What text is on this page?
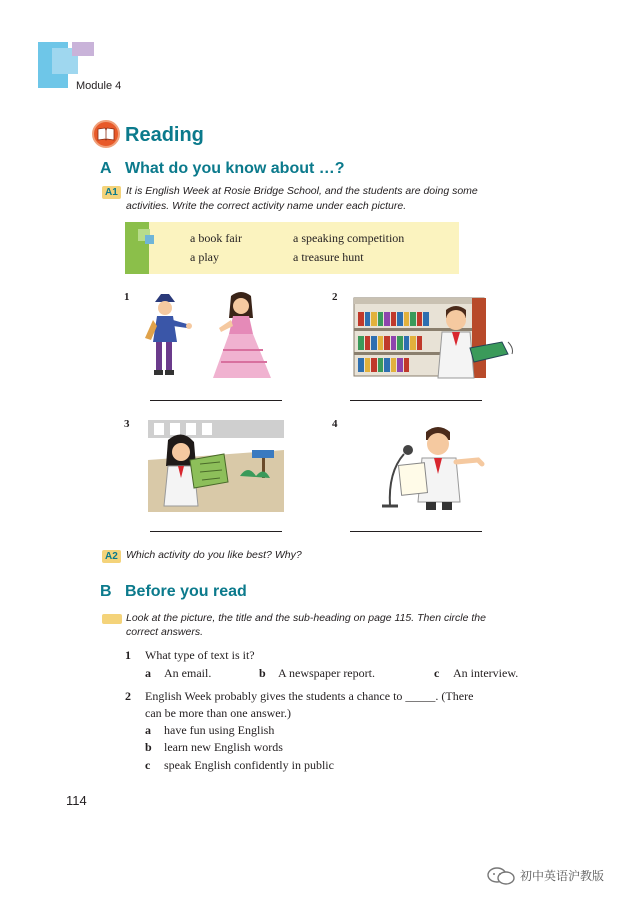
Module 4
Reading
A What do you know about …?
A1 It is English Week at Rosie Bridge School, and the students are doing some
activities. Write the correct activity name under each picture.
a book fair	a speaking competition
a play	a treasure hunt
1	2
3	4
A2 Which activity do you like best? Why?
B Before you read
Look at the picture, the title and the sub-heading on page 115. Then circle the
correct answers.
1 What type of text is it?
a An email.	b A newspaper report.	c An interview.
2 English Week probably gives the students a chance to _____. (There
can be more than one answer.)
a have fun using English
b learn new English words
c speak English confidently in public
114
初中英语沪教版
